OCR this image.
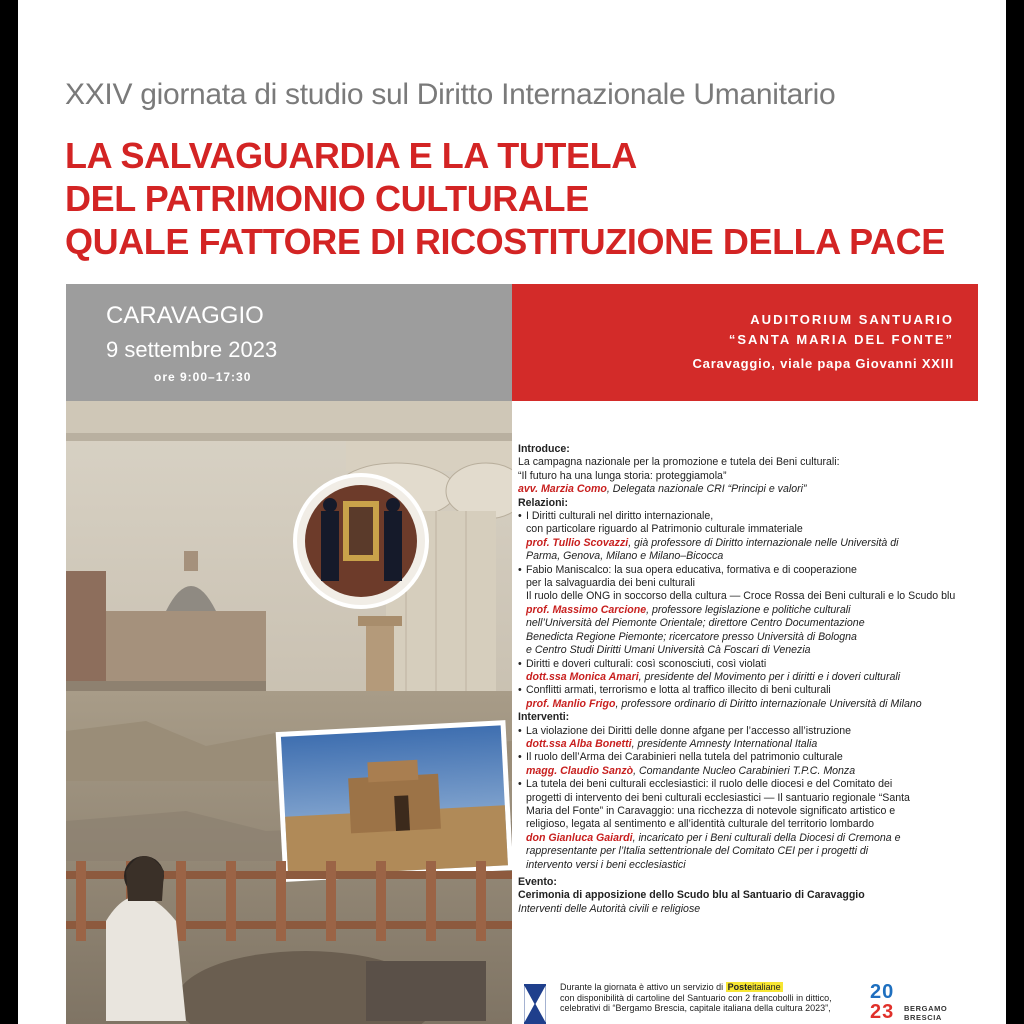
XXIV giornata di studio sul Diritto Internazionale Umanitario
LA SALVAGUARDIA E LA TUTELA
DEL PATRIMONIO CULTURALE
QUALE FATTORE DI RICOSTITUZIONE DELLA PACE
CARAVAGGIO
9 settembre 2023
ore 9:00–17:30
AUDITORIUM SANTUARIO
“SANTA MARIA DEL FONTE”
Caravaggio, viale papa Giovanni XXIII
Introduce:
La campagna nazionale per la promozione e tutela dei Beni culturali:
“Il futuro ha una lunga storia: proteggiamola”
avv. Marzia Como, Delegata nazionale CRI “Principi e valori”
Relazioni:
• I Diritti culturali nel diritto internazionale,
con particolare riguardo al Patrimonio culturale immateriale
prof. Tullio Scovazzi, già professore di Diritto internazionale nelle Università di
Parma, Genova, Milano e Milano–Bicocca
• Fabio Maniscalco: la sua opera educativa, formativa e di cooperazione
per la salvaguardia dei beni culturali
Il ruolo delle ONG in soccorso della cultura — Croce Rossa dei Beni culturali e lo Scudo blu
prof. Massimo Carcione, professore legislazione e politiche culturali
nell’Università del Piemonte Orientale; direttore Centro Documentazione
Benedicta Regione Piemonte; ricercatore presso Università di Bologna
e Centro Studi Diritti Umani Università Cà Foscari di Venezia
• Diritti e doveri culturali: così sconosciuti, così violati
dott.ssa Monica Amari, presidente del Movimento per i diritti e i doveri culturali
• Conflitti armati, terrorismo e lotta al traffico illecito di beni culturali
prof. Manlio Frigo, professore ordinario di Diritto internazionale Università di Milano
Interventi:
• La violazione dei Diritti delle donne afgane per l’accesso all’istruzione
dott.ssa Alba Bonetti, presidente Amnesty International Italia
• Il ruolo dell’Arma dei Carabinieri nella tutela del patrimonio culturale
magg. Claudio Sanzò, Comandante Nucleo Carabinieri T.P.C. Monza
• La tutela dei beni culturali ecclesiastici: il ruolo delle diocesi e del Comitato dei
progetti di intervento dei beni culturali ecclesiastici — Il santuario regionale “Santa
Maria del Fonte” in Caravaggio: una ricchezza di notevole significato artistico e
religioso, legata al sentimento e all’identità culturale del territorio lombardo
don Gianluca Gaiardi, incaricato per i Beni culturali della Diocesi di Cremona e
rappresentante per l’Italia settentrionale del Comitato CEI per i progetti di
intervento versi i beni ecclesiastici
Evento:
Cerimonia di apposizione dello Scudo blu al Santuario di Caravaggio
Interventi delle Autorità civili e religiose
Durante la giornata è attivo un servizio di Posteitaliane
con disponibilità di cartoline del Santuario con 2 francobolli in dittico,
celebrativi di “Bergamo Brescia, capitale italiana della cultura 2023”,
20
23	BERGAMO
BRESCIA
